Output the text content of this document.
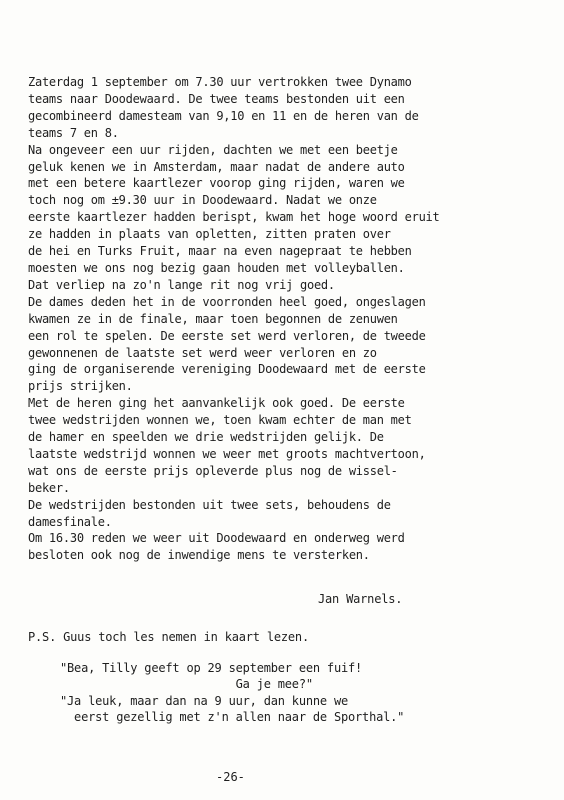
Zaterdag 1 september om 7.30 uur vertrokken twee Dynamo
teams naar Doodewaard. De twee teams bestonden uit een
gecombineerd damesteam van 9,10 en 11 en de heren van de
teams 7 en 8.
Na ongeveer een uur rijden, dachten we met een beetje
geluk kenen we in Amsterdam, maar nadat de andere auto
met een betere kaartlezer voorop ging rijden, waren we
toch nog om ±9.30 uur in Doodewaard. Nadat we onze
eerste kaartlezer hadden berispt, kwam het hoge woord eruit
ze hadden in plaats van opletten, zitten praten over
de hei en Turks Fruit, maar na even nagepraat te hebben
moesten we ons nog bezig gaan houden met volleyballen.
Dat verliep na zo'n lange rit nog vrij goed.
De dames deden het in de voorronden heel goed, ongeslagen
kwamen ze in de finale, maar toen begonnen de zenuwen
een rol te spelen. De eerste set werd verloren, de tweede
gewonnenen de laatste set werd weer verloren en zo
ging de organiserende vereniging Doodewaard met de eerste
prijs strijken.
Met de heren ging het aanvankelijk ook goed. De eerste
twee wedstrijden wonnen we, toen kwam echter de man met
de hamer en speelden we drie wedstrijden gelijk. De
laatste wedstrijd wonnen we weer met groots machtvertoon,
wat ons de eerste prijs opleverde plus nog de wissel-
beker.
De wedstrijden bestonden uit twee sets, behoudens de
damesfinale.
Om 16.30 reden we weer uit Doodewaard en onderweg werd
besloten ook nog de inwendige mens te versterken.
Jan Warnels.
P.S. Guus toch les nemen in kaart lezen.
"Bea, Tilly geeft op 29 september een fuif!
Ga je mee?"
"Ja leuk, maar dan na 9 uur, dan kunne we
eerst gezellig met z'n allen naar de Sporthal."
-26-
